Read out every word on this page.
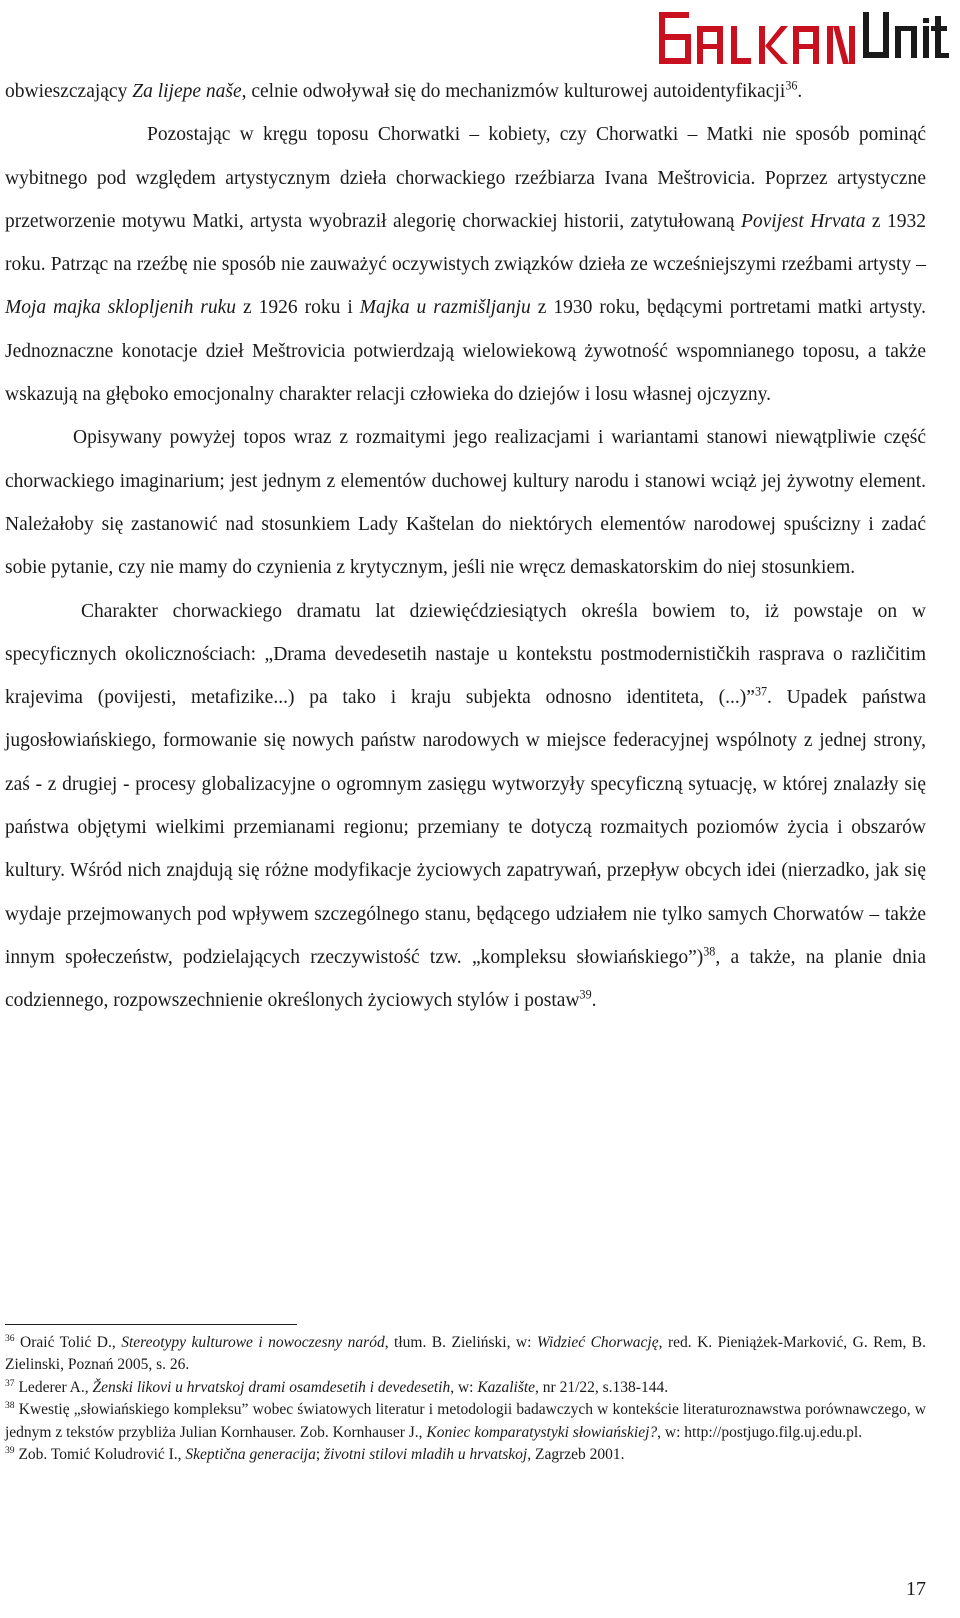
BalkanUnited

obwieszczający Za lijepe naše, celnie odwoływał się do mechanizmów kulturowej autoidentyfikacji$^{36}$.

Pozostając w kręgu toposu Chorwatki – kobiety, czy Chorwatki – Matki nie sposób pominąć wybitnego pod względem artystycznym dzieła chorwackiego rzeźbiarza Ivana Meštrovicia. Poprzez artystyczne przetworzenie motywu Matki, artysta wyobraził alegorię chorwackiej historii, zatytułowaną Povijest Hrvata z 1932 roku. Patrząc na rzeźbę nie sposób nie zauważyć oczywistych związków dzieła ze wcześniejszymi rzeźbami artysty – Moja majka sklopljenih ruku z 1926 roku i Majka u razmišljanju z 1930 roku, będącymi portretami matki artysty. Jednoznaczne konotacje dzieł Meštrovicia potwierdzają wielowiekową żywotność wspomnianego toposu, a także wskazują na głęboko emocjonalny charakter relacji człowieka do dziejów i losu własnej ojczyzny.

Opisywany powyżej topos wraz z rozmaitymi jego realizacjami i wariantami stanowi niewątpliwie część chorwackiego imaginarium; jest jednym z elementów duchowej kultury narodu i stanowi wciąż jej żywotny element. Należałoby się zastanowić nad stosunkiem Lady Kaštelan do niektórych elementów narodowej spuścizny i zadać sobie pytanie, czy nie mamy do czynienia z krytycznym, jeśli nie wręcz demaskatorskim do niej stosunkiem.

Charakter chorwackiego dramatu lat dziewięćdziesiątych określa bowiem to, iż powstaje on w specyficznych okolicznościach: „Drama devedesetih nastaje u kontekstu postmodernističkih rasprava o različitim krajevima (povijesti, metafizike...) pa tako i kraju subjekta odnosno identiteta, (...)”$^{37}$. Upadek państwa jugosłowiańskiego, formowanie się nowych państw narodowych w miejsce federacyjnej wspólnoty z jednej strony, zaś - z drugiej - procesy globalizacyjne o ogromnym zasięgu wytworzyły specyficzną sytuację, w której znalazły się państwa objętymi wielkimi przemianami regionu; przemiany te dotyczą rozmaitych poziomów życia i obszarów kultury. Wśród nich znajdują się różne modyfikacje życiowych zapatrywań, przepływ obcych idei (nierzadko, jak się wydaje przejmowanych pod wpływem szczególnego stanu, będącego udziałem nie tylko samych Chorwatów – także innym społeczeństw, podzielających rzeczywistość tzw. „kompleksu słowiańskiego”)$^{38}$, a także, na planie dnia codziennego, rozpowszechnienie określonych życiowych stylów i postaw$^{39}$.

$^{36}$ Oraić Tolić D., Stereotypy kulturowe i nowoczesny naród, tłum. B. Zieliński, w: Widzieć Chorwację, red. K. Pieniążek-Marković, G. Rem, B. Zielinski, Poznań 2005, s. 26.

$^{37}$ Lederer A., Ženski likovi u hrvatskoj drami osamdesetih i devedesetih, w: Kazalište, nr 21/22, s.138-144.

$^{38}$ Kwestię „słowiańskiego kompleksu” wobec światowych literatur i metodologii badawczych w kontekście literaturoznawstwa porównawczego, w jednym z tekstów przybliża Julian Kornhauser. Zob. Kornhauser J., Koniec komparatystyki słowiańskiej?, w: http://postjugo.filg.uj.edu.pl.

$^{39}$ Zob. Tomić Koludrović I., Skeptična generacija; životni stilovi mladih u hrvatskoj, Zagrzeb 2001.

17
